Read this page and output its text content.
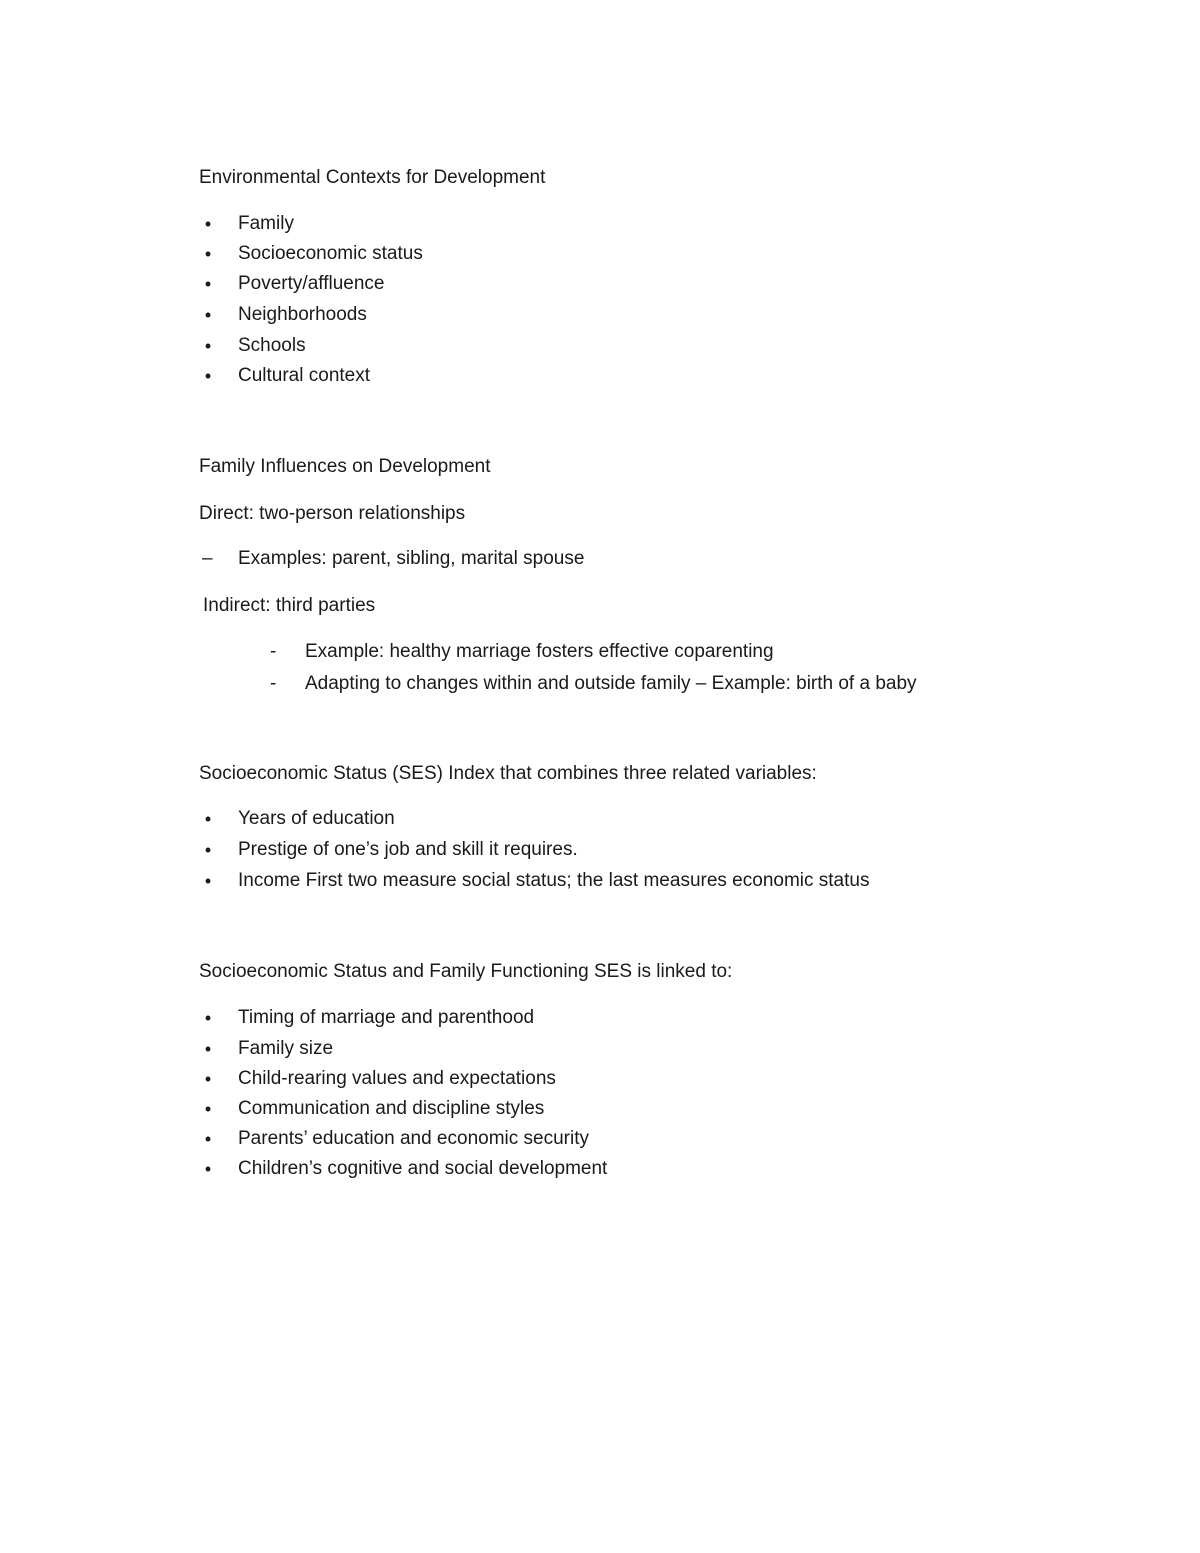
Environmental Contexts for Development
•	Family
•	Socioeconomic status
•	Poverty/affluence
•	Neighborhoods
•	Schools
•	Cultural context
Family Influences on Development
Direct: two-person relationships
– Examples: parent, sibling, marital spouse
Indirect: third parties
- Example: healthy marriage fosters effective coparenting
- Adapting to changes within and outside family – Example: birth of a baby
Socioeconomic Status (SES) Index that combines three related variables:
•	Years of education
•	Prestige of one’s job and skill it requires.
•	Income First two measure social status; the last measures economic status
Socioeconomic Status and Family Functioning SES is linked to:
•	Timing of marriage and parenthood
•	Family size
•	Child-rearing values and expectations
•	Communication and discipline styles
•	Parents’ education and economic security
•	Children’s cognitive and social development
